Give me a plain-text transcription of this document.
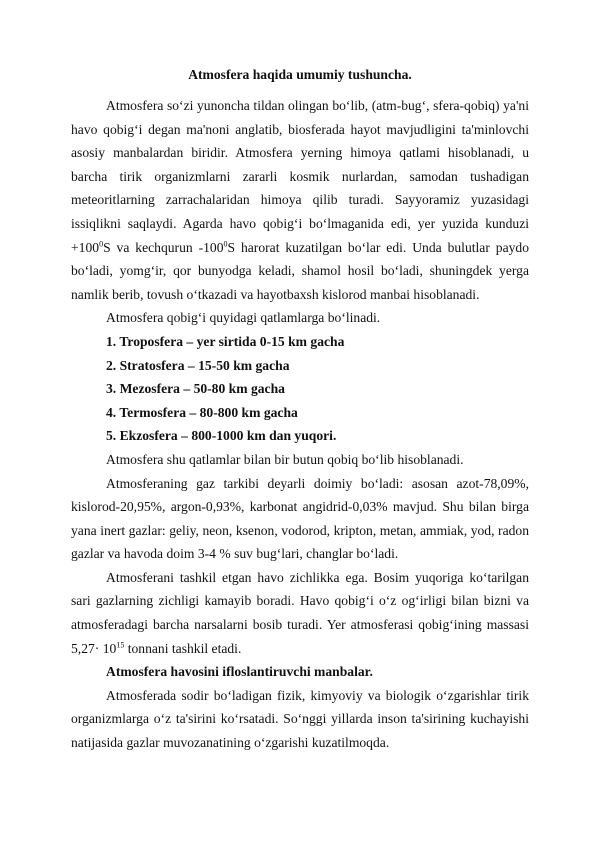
Atmosfera haqida umumiy tushuncha.

Atmosfera so‘zi yunoncha tildan olingan bo‘lib, (atm-bug‘, sfera-qobiq) ya'ni havo qobig‘i degan ma'noni anglatib, biosferada hayot mavjudligini ta'minlovchi asosiy manbalardan biridir. Atmosfera yerning himoya qatlami hisoblanadi, u barcha tirik organizmlarni zararli kosmik nurlardan, samodan tushadigan meteoritlarning zarrachalaridan himoya qilib turadi. Sayyoramiz yuzasidagi issiqlikni saqlaydi. Agarda havo qobig‘i bo‘lmaganida edi, yer yuzida kunduzi $+100^0S$ va kechqurun $-100^0S$ harorat kuzatilgan bo‘lar edi. Unda bulutlar paydo bo‘ladi, yomg‘ir, qor bunyodga keladi, shamol hosil bo‘ladi, shuningdek yerga namlik berib, tovush o‘tkazadi va hayotbaxsh kislorod manbai hisoblanadi.

Atmosfera qobig‘i quyidagi qatlamlarga bo‘linadi.

1. Troposfera – yer sirtida 0-15 km gacha
2. Stratosfera – 15-50 km gacha
3. Mezosfera – 50-80 km gacha
4. Termosfera – 80-800 km gacha
5. Ekzosfera – 800-1000 km dan yuqori.

Atmosfera shu qatlamlar bilan bir butun qobiq bo‘lib hisoblanadi.

Atmosferaning gaz tarkibi deyarli doimiy bo‘ladi: asosan azot-78,09%, kislorod-20,95%, argon-0,93%, karbonat angidrid-0,03% mavjud. Shu bilan birga yana inert gazlar: geliy, neon, ksenon, vodorod, kripton, metan, ammiak, yod, radon gazlar va havoda doim 3-4 % suv bug‘lari, changlar bo‘ladi.

Atmosferani tashkil etgan havo zichlikka ega. Bosim yuqoriga ko‘tarilgan sari gazlarning zichligi kamayib boradi. Havo qobig‘i o‘z og‘irligi bilan bizni va atmosferadagi barcha narsalarni bosib turadi. Yer atmosferasi qobig‘ining massasi $5,27\cdot 10^{15}$ tonnani tashkil etadi.

Atmosfera havosini ifloslantiruvchi manbalar.

Atmosferada sodir bo‘ladigan fizik, kimyoviy va biologik o‘zgarishlar tirik organizmlarga o‘z ta'sirini ko‘rsatadi. So‘nggi yillarda inson ta'sirining kuchayishi natijasida gazlar muvozanatining o‘zgarishi kuzatilmoqda.
